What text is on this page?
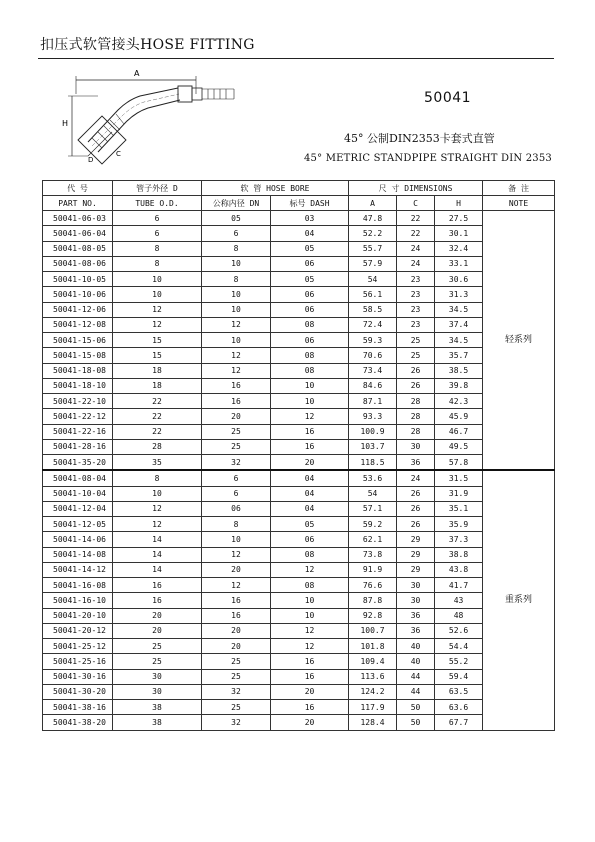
扣压式软管接头HOSE FITTING
A
H
D
C
50041
45° 公制DIN2353卡套式直管
45° METRIC STANDPIPE STRAIGHT DIN 2353
代 号	管子外径 D	软 管 HOSE BORE		尺 寸 DIMENSIONS			备 注
PART NO.	TUBE O.D.	公称内径 DN	标号 DASH	A	C	H	NOTE
50041-06-03	6	05	03	47.8	22	27.5	轻系列
50041-06-04	6	6	04	52.2	22	30.1	
50041-08-05	8	8	05	55.7	24	32.4	
50041-08-06	8	10	06	57.9	24	33.1	
50041-10-05	10	8	05	54	23	30.6	
50041-10-06	10	10	06	56.1	23	31.3	
50041-12-06	12	10	06	58.5	23	34.5	
50041-12-08	12	12	08	72.4	23	37.4	
50041-15-06	15	10	06	59.3	25	34.5	
50041-15-08	15	12	08	70.6	25	35.7	
50041-18-08	18	12	08	73.4	26	38.5	
50041-18-10	18	16	10	84.6	26	39.8	
50041-22-10	22	16	10	87.1	28	42.3	
50041-22-12	22	20	12	93.3	28	45.9	
50041-22-16	22	25	16	100.9	28	46.7	
50041-28-16	28	25	16	103.7	30	49.5	
50041-35-20	35	32	20	118.5	36	57.8	
50041-08-04	8	6	04	53.6	24	31.5	重系列
50041-10-04	10	6	04	54	26	31.9	
50041-12-04	12	06	04	57.1	26	35.1	
50041-12-05	12	8	05	59.2	26	35.9	
50041-14-06	14	10	06	62.1	29	37.3	
50041-14-08	14	12	08	73.8	29	38.8	
50041-14-12	14	20	12	91.9	29	43.8	
50041-16-08	16	12	08	76.6	30	41.7	
50041-16-10	16	16	10	87.8	30	43	
50041-20-10	20	16	10	92.8	36	48	
50041-20-12	20	20	12	100.7	36	52.6	
50041-25-12	25	20	12	101.8	40	54.4	
50041-25-16	25	25	16	109.4	40	55.2	
50041-30-16	30	25	16	113.6	44	59.4	
50041-30-20	30	32	20	124.2	44	63.5	
50041-38-16	38	25	16	117.9	50	63.6	
50041-38-20	38	32	20	128.4	50	67.7	
